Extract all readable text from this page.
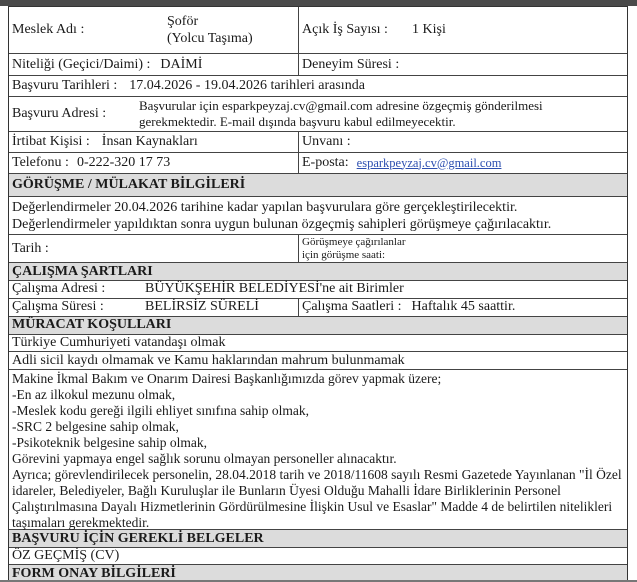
Meslek Adı :
Şoför
(Yolcu Taşıma)
Açık İş Sayısı :	1 Kişi
Niteliği (Geçici/Daimi) : DAİMİ	Deneyim Süresi :
Başvuru Tarihleri : 17.04.2026 - 19.04.2026 tarihleri arasında
Başvuru Adresi :
Başvurular için esparkpeyzaj.cv@gmail.com adresine özgeçmiş gönderilmesi
gerekmektedir. E-mail dışında başvuru kabul edilmeyecektir.
İrtibat Kişisi : İnsan Kaynakları	Unvanı :
Telefonu : 0-222-320 17 73	E-posta: esparkpeyzaj.cv@gmail.com
GÖRÜŞME / MÜLAKAT BİLGİLERİ
Değerlendirmeler 20.04.2026 tarihine kadar yapılan başvurulara göre gerçekleştirilecektir.
Değerlendirmeler yapıldıktan sonra uygun bulunan özgeçmiş sahipleri görüşmeye çağırılacaktır.
Tarih :	Görüşmeye çağırılanlar
için görüşme saati:
ÇALIŞMA ŞARTLARI
Çalışma Adresi :	BÜYÜKŞEHİR BELEDİYESİ'ne ait Birimler
Çalışma Süresi :	BELİRSİZ SÜRELİ	Çalışma Saatleri : Haftalık 45 saattir.
MÜRACAT KOŞULLARI
Türkiye Cumhuriyeti vatandaşı olmak
Adli sicil kaydı olmamak ve Kamu haklarından mahrum bulunmamak
Makine İkmal Bakım ve Onarım Dairesi Başkanlığımızda görev yapmak üzere;
-En az ilkokul mezunu olmak,
-Meslek kodu gereği ilgili ehliyet sınıfına sahip olmak,
-SRC 2 belgesine sahip olmak,
-Psikoteknik belgesine sahip olmak,
Görevini yapmaya engel sağlık sorunu olmayan personeller alınacaktır.
Ayrıca; görevlendirilecek personelin, 28.04.2018 tarih ve 2018/11608 sayılı Resmi Gazetede Yayınlanan "İl Özel
idareler, Belediyeler, Bağlı Kuruluşlar ile Bunların Üyesi Olduğu Mahalli İdare Birliklerinin Personel
Çalıştırılmasına Dayalı Hizmetlerinin Gördürülmesine İlişkin Usul ve Esaslar" Madde 4 de belirtilen nitelikleri
taşımaları gerekmektedir.
BAŞVURU İÇİN GEREKLİ BELGELER
ÖZ GEÇMİŞ (CV)
FORM ONAY BİLGİLERİ
